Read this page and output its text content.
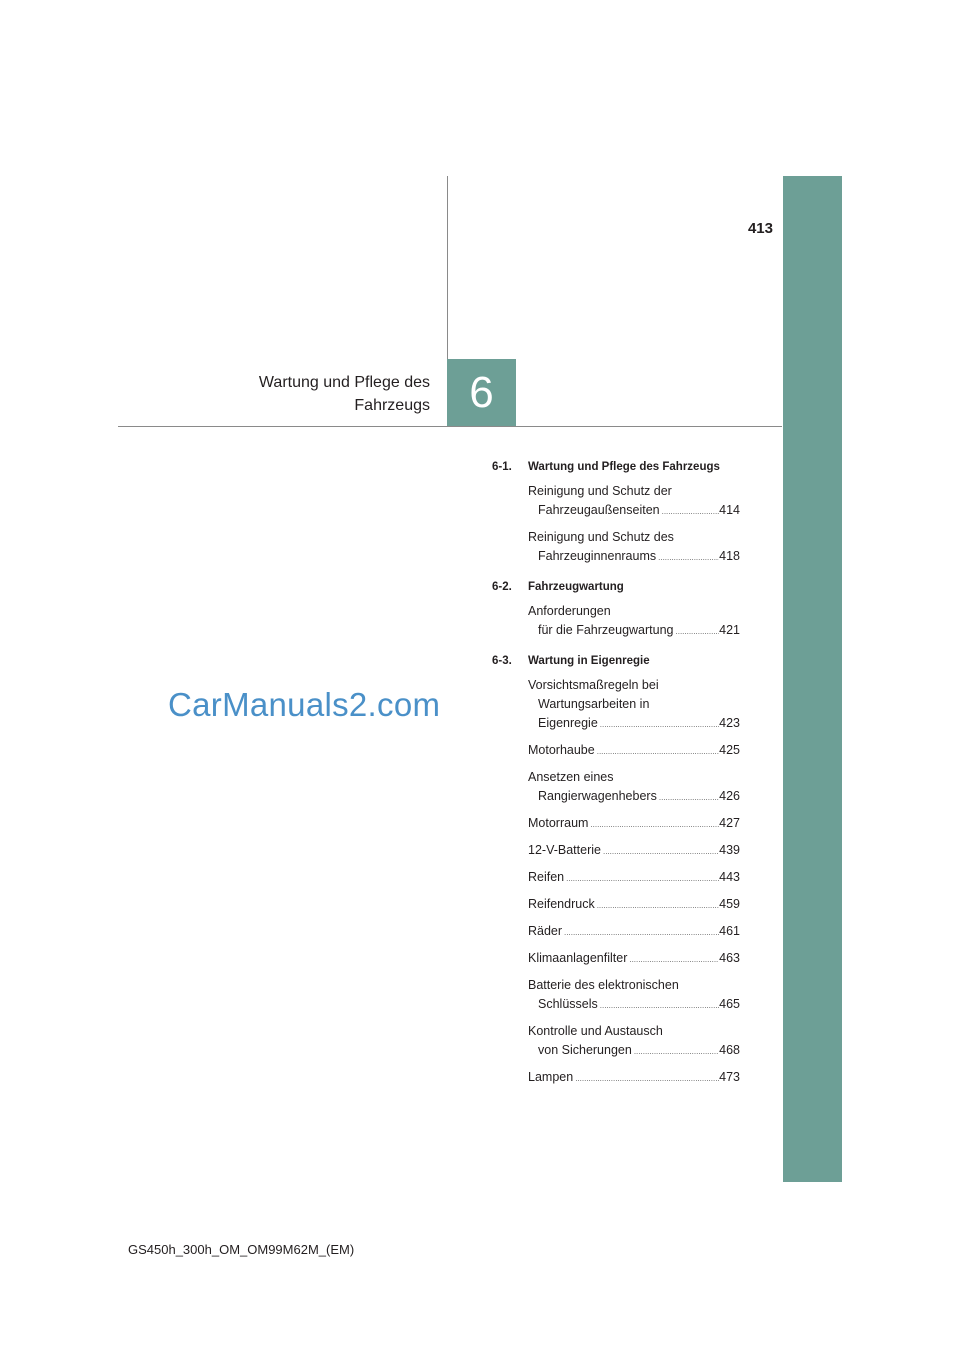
413
6
Wartung und Pflege des
Fahrzeugs
6-1. Wartung und Pflege des Fahrzeugs
Reinigung und Schutz der
Fahrzeugaußenseiten .....	414
Reinigung und Schutz des
Fahrzeuginnenraums .....	418
6-2. Fahrzeugwartung
Anforderungen
für die Fahrzeugwartung .....	421
6-3. Wartung in Eigenregie
Vorsichtsmaßregeln bei
Wartungsarbeiten in
Eigenregie .....	423
Motorhaube .....	425
Ansetzen eines
Rangierwagenhebers .....	426
Motorraum .....	427
12-V-Batterie .....	439
Reifen .....	443
Reifendruck .....	459
Räder .....	461
Klimaanlagenfilter .....	463
Batterie des elektronischen
Schlüssels .....	465
Kontrolle und Austausch
von Sicherungen .....	468
Lampen .....	473
CarManuals2.com
GS450h_300h_OM_OM99M62M_(EM)
